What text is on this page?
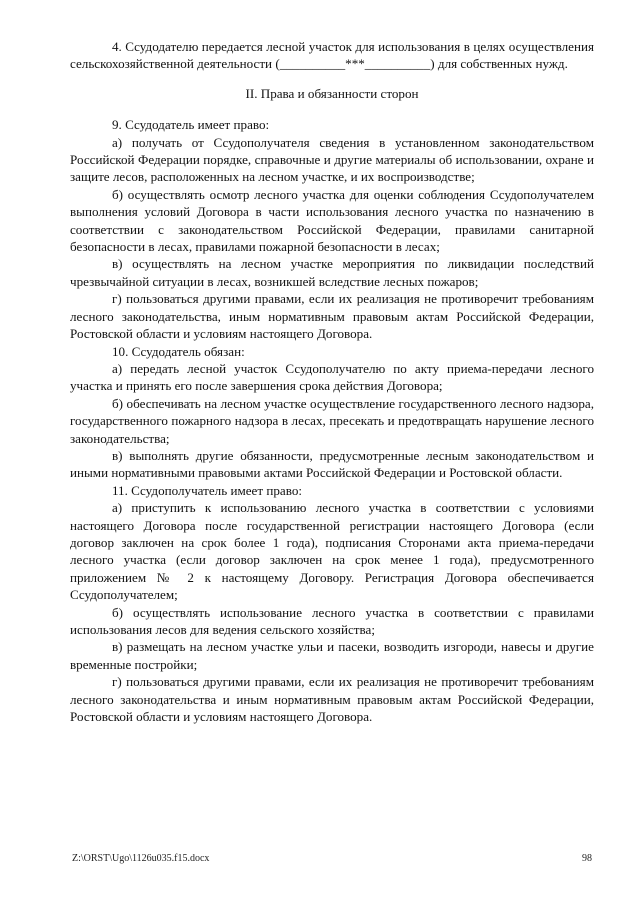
4. Ссудодателю передается лесной участок для использования в целях осуществления сельскохозяйственной деятельности (__________***__________) для собственных нужд.

II. Права и обязанности сторон

9. Ссудодатель имеет право:

а) получать от Ссудополучателя сведения в установленном законодательством Российской Федерации порядке, справочные и другие материалы об использовании, охране и защите лесов, расположенных на лесном участке, и их воспроизводстве;

б) осуществлять осмотр лесного участка для оценки соблюдения Ссудополучателем выполнения условий Договора в части использования лесного участка по назначению в соответствии с законодательством Российской Федерации, правилами санитарной безопасности в лесах, правилами пожарной безопасности в лесах;

в) осуществлять на лесном участке мероприятия по ликвидации последствий чрезвычайной ситуации в лесах, возникшей вследствие лесных пожаров;

г) пользоваться другими правами, если их реализация не противоречит требованиям лесного законодательства, иным нормативным правовым актам Российской Федерации, Ростовской области и условиям настоящего Договора.

10. Ссудодатель обязан:

а) передать лесной участок Ссудополучателю по акту приема-передачи лесного участка и принять его после завершения срока действия Договора;

б) обеспечивать на лесном участке осуществление государственного лесного надзора, государственного пожарного надзора в лесах, пресекать и предотвращать нарушение лесного законодательства;

в) выполнять другие обязанности, предусмотренные лесным законодательством и иными нормативными правовыми актами Российской Федерации и Ростовской области.

11. Ссудополучатель имеет право:

а) приступить к использованию лесного участка в соответствии с условиями настоящего Договора после государственной регистрации настоящего Договора (если договор заключен на срок более 1 года), подписания Сторонами акта приема-передачи лесного участка (если договор заключен на срок менее 1 года), предусмотренного приложением № 2 к настоящему Договору. Регистрация Договора обеспечивается Ссудополучателем;

б) осуществлять использование лесного участка в соответствии с правилами использования лесов для ведения сельского хозяйства;

в) размещать на лесном участке ульи и пасеки, возводить изгороди, навесы и другие временные постройки;

г) пользоваться другими правами, если их реализация не противоречит требованиям лесного законодательства и иным нормативным правовым актам Российской Федерации, Ростовской области и условиям настоящего Договора.

Z:\ORST\Ugo\1126u035.f15.docx	98
